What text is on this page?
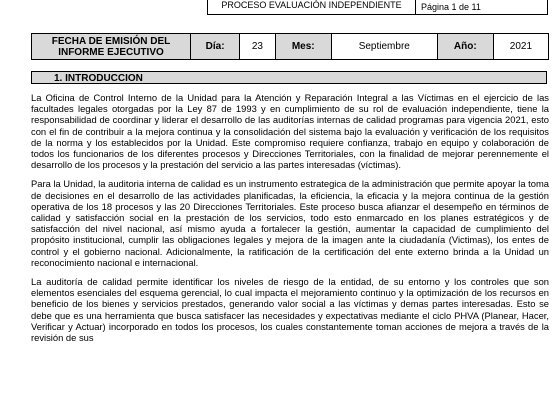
PROCESO EVALUACIÓN INDEPENDIENTE	Página 1 de 11
FECHA DE EMISIÓN DEL INFORME EJECUTIVO	Día:	23	Mes:	Septiembre	Año:	2021
1. INTRODUCCION

La Oficina de Control Interno de la Unidad para la Atención y Reparación Integral a las Víctimas en el ejercicio de las facultades legales otorgadas por la Ley 87 de 1993 y en cumplimiento de su rol de evaluación independiente, tiene la responsabilidad de coordinar y liderar el desarrollo de las auditorías internas de calidad programas para vigencia 2021, esto con el fin de contribuir a la mejora continua y la consolidación del sistema bajo la evaluación y verificación de los requisitos de la norma y los establecidos por la Unidad. Este compromiso requiere confianza, trabajo en equipo y colaboración de todos los funcionarios de los diferentes procesos y Direcciones Territoriales, con la finalidad de mejorar perennemente el desarrollo de los procesos y la prestación del servicio a las partes interesadas (víctimas).

Para la Unidad, la auditoria interna de calidad es un instrumento estrategica de la administración que permite apoyar la toma de decisiones en el desarrollo de las actividades planificadas, la eficiencia, la eficacia y la mejora continua de la gestión operativa de los 18 procesos y las 20 Direcciones Territoriales. Este proceso busca afianzar el desempeño en términos de calidad y satisfacción social en la prestación de los servicios, todo esto enmarcado en los planes estratégicos y de satisfacción del nivel nacional, así mismo ayuda a fortalecer la gestión, aumentar la capacidad de cumplimiento del propósito institucional, cumplir las obligaciones legales y mejora de la imagen ante la ciudadanía (Victimas), los entes de control y el gobierno nacional. Adicionalmente, la ratificación de la certificación del ente externo brinda a la Unidad un reconocimiento nacional e internacional.

La auditoría de calidad permite identificar los niveles de riesgo de la entidad, de su entorno y los controles que son elementos esenciales del esquema gerencial, lo cual impacta el mejoramiento continuo y la optimización de los recursos en beneficio de los bienes y servicios prestados, generando valor social a las víctimas y demas partes interesadas. Esto se debe que es una herramienta que busca satisfacer las necesidades y expectativas mediante el ciclo PHVA (Planear, Hacer, Verificar y Actuar) incorporado en todos los procesos, los cuales constantemente toman acciones de mejora a través de la revisión de sus
